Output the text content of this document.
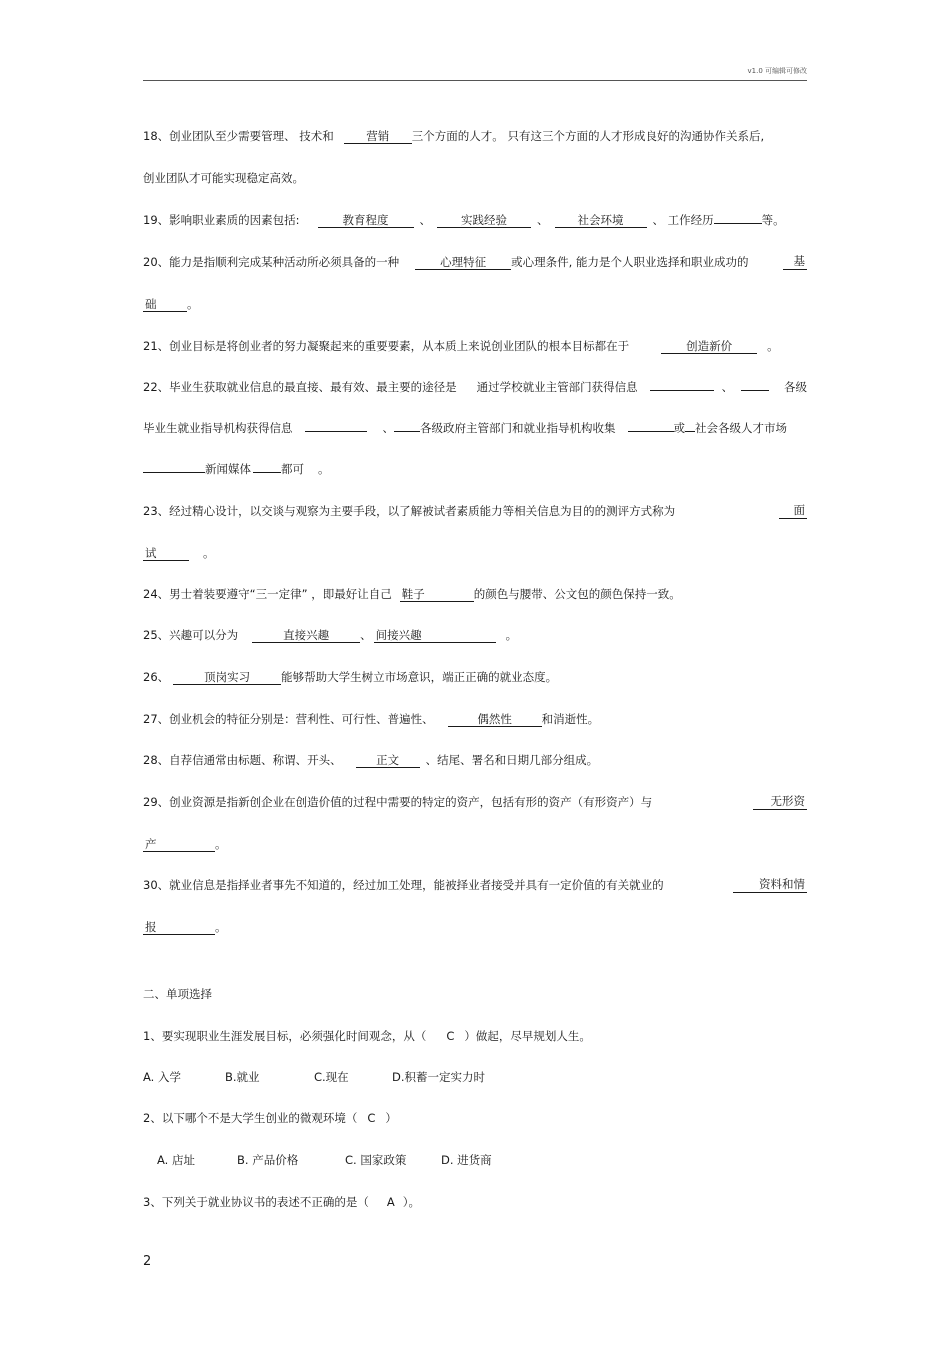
v1.0 可编辑可修改
18、创业团队至少需要管理、 技术和	营销 三个方面的人才。 只有这三个方面的人才形成良好的沟通协作关系后,
创业团队才可能实现稳定高效。
19、影响职业素质的因素包括:	教育程度	、	实践经验	、	社会环境	、 工作经历	等。
20、能力是指顺利完成某种活动所必须具备的一种	心理特征 或心理条件, 能力是个人职业选择和职业成功的	基
础	。
21、创业目标是将创业者的努力凝聚起来的重要要素，从本质上来说创业团队的根本目标都在于	创造新价	。
22、毕业生获取就业信息的最直接、最有效、最主要的途径是 通过学校就业主管部门获得信息	、	各级
毕业生就业指导机构获得信息	、 各级政府主管部门和就业指导机构收集	或 社会各级人才市场
新闻媒体	都可 。
23、经过精心设计，以交谈与观察为主要手段，以了解被试者素质能力等相关信息为目的的测评方式称为	面
试	。
24、男士着装要遵守“三一定律” ，即最好让自己 鞋子	的颜色与腰带、公文包的颜色保持一致。
25、兴趣可以分为	直接兴趣	、 间接兴趣	。
26、	顶岗实习	能够帮助大学生树立市场意识，端正正确的就业态度。
27、创业机会的特征分别是：营利性、可行性、普遍性、	偶然性	和消逝性。
28、自荐信通常由标题、称谓、开头、	正文 、结尾、署名和日期几部分组成。
29、创业资源是指新创企业在创造价值的过程中需要的特定的资产，包括有形的资产（有形资产）与	无形资
产	。
30、就业信息是指择业者事先不知道的，经过加工处理，能被择业者接受并具有一定价值的有关就业的	资料和情
报	。
二、单项选择
1、要实现职业生涯发展目标，必须强化时间观念，从（ C ）做起，尽早规划人生。
A. 入学	B.就业	C.现在	D.积蓄一定实力时
2、以下哪个不是大学生创业的微观环境（ C ）
A. 店址	B. 产品价格	C. 国家政策	D. 进货商
3、下列关于就业协议书的表述不正确的是（ A ）。
2
